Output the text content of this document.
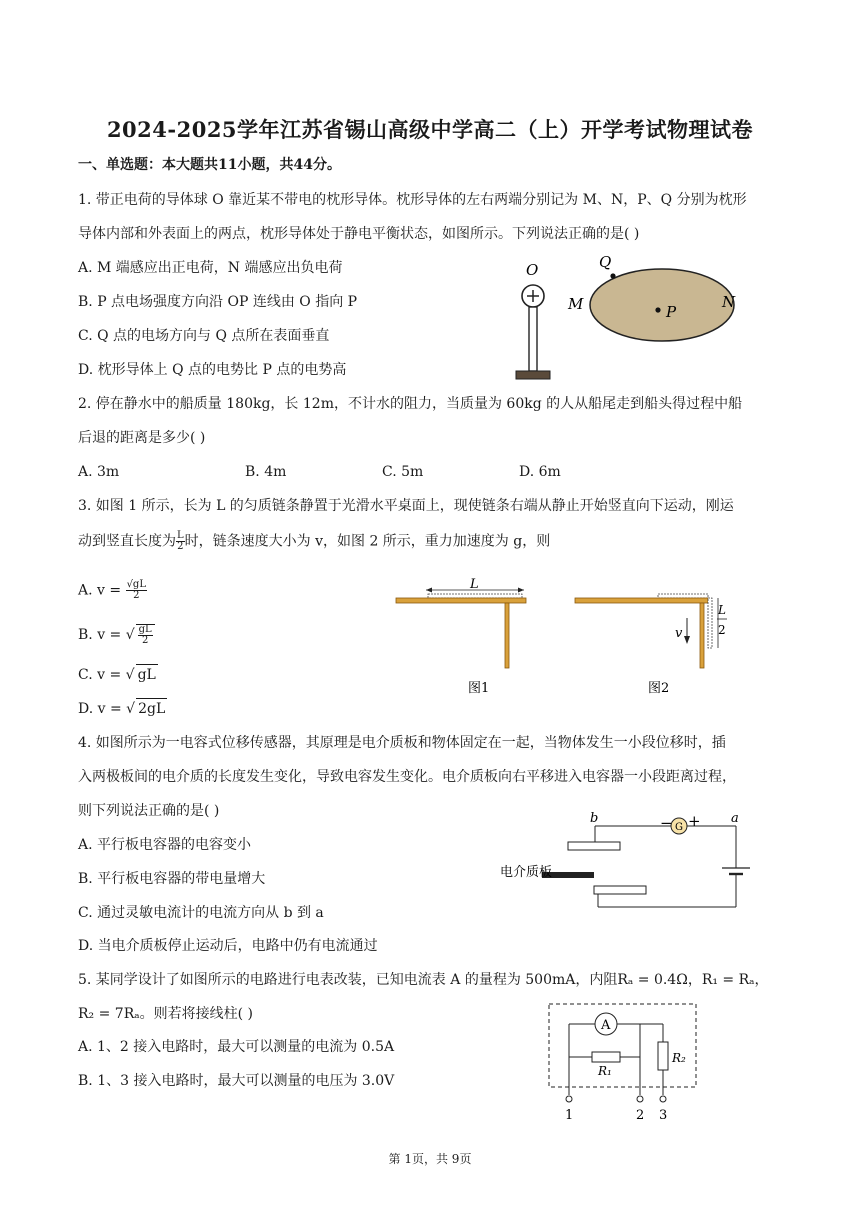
2024-2025学年江苏省锡山高级中学高二（上）开学考试物理试卷
一、单选题：本大题共11小题，共44分。
1. 带正电荷的导体球 O 靠近某不带电的枕形导体。枕形导体的左右两端分别记为 M、N，P、Q 分别为枕形
导体内部和外表面上的两点，枕形导体处于静电平衡状态，如图所示。下列说法正确的是( )
A. M 端感应出正电荷，N 端感应出负电荷
B. P 点电场强度方向沿 OP 连线由 O 指向 P
C. Q 点的电场方向与 Q 点所在表面垂直
D. 枕形导体上 Q 点的电势比 P 点的电势高
O	Q
P
M	N
2. 停在静水中的船质量 180kg，长 12m，不计水的阻力，当质量为 60kg 的人从船尾走到船头得过程中船
后退的距离是多少( )
A. 3m	B. 4m	C. 5m	D. 6m
3. 如图 1 所示，长为 L 的匀质链条静置于光滑水平桌面上，现使链条右端从静止开始竖直向下运动，刚运
动到竖直长度为 $\frac{L}{2}$ 时，链条速度大小为 v，如图 2 所示，重力加速度为 g，则
A. $v = \frac{√gL}{2}$
B. v = √ $\frac{gL}{2}$
C. v = √ gL
D. v = √ 2gL
L
图1
v
L
2
图2
4. 如图所示为一电容式位移传感器，其原理是电介质板和物体固定在一起，当物体发生一小段位移时，插
入两极板间的电介质的长度发生变化，导致电容发生变化。电介质板向右平移进入电容器一小段距离过程，
则下列说法正确的是( )
A. 平行板电容器的电容变小
B. 平行板电容器的带电量增大
C. 通过灵敏电流计的电流方向从 b 到 a
D. 当电介质板停止运动后，电路中仍有电流通过
G
− +
b	a
电介质板
5. 某同学设计了如图所示的电路进行电表改装，已知电流表 A 的量程为 500mA，内阻Rₐ = 0.4Ω，R₁ = Rₐ，
R₂ = 7Rₐ。则若将接线柱( )
A. 1、2 接入电路时，最大可以测量的电流为 0.5A
B. 1、3 接入电路时，最大可以测量的电压为 3.0V
A
R₁
R₂
1	2 3
第 1页，共 9页
